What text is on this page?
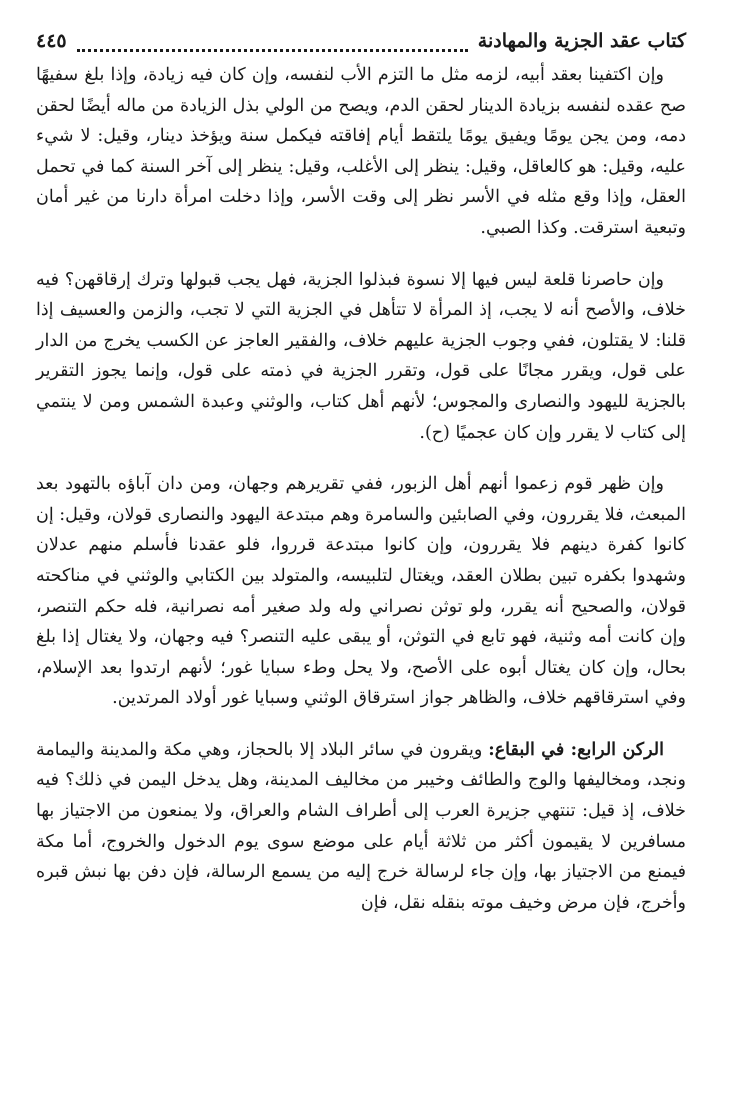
كتاب عقد الجزية والمهادنة
٤٤٥

وإن اكتفينا بعقد أبيه، لزمه مثل ما التزم الأب لنفسه، وإن كان فيه زيادة، وإذا بلغ سفيهًا صح عقده لنفسه بزيادة الدينار لحقن الدم، ويصح من الولي بذل الزيادة من ماله أيضًا لحقن دمه، ومن يجن يومًا ويفيق يومًا يلتقط أيام إفاقته فيكمل سنة ويؤخذ دينار، وقيل: لا شيء عليه، وقيل: هو كالعاقل، وقيل: ينظر إلى الأغلب، وقيل: ينظر إلى آخر السنة كما في تحمل العقل، وإذا وقع مثله في الأسر نظر إلى وقت الأسر، وإذا دخلت امرأة دارنا من غير أمان وتبعية استرقت. وكذا الصبي.

وإن حاصرنا قلعة ليس فيها إلا نسوة فبذلوا الجزية، فهل يجب قبولها وترك إرقاقهن؟ فيه خلاف، والأصح أنه لا يجب، إذ المرأة لا تتأهل في الجزية التي لا تجب، والزمن والعسيف إذا قلنا: لا يقتلون، ففي وجوب الجزية عليهم خلاف، والفقير العاجز عن الكسب يخرج من الدار على قول، ويقرر مجانًا على قول، وتقرر الجزية في ذمته على قول، وإنما يجوز التقرير بالجزية لليهود والنصارى والمجوس؛ لأنهم أهل كتاب، والوثني وعبدة الشمس ومن لا ينتمي إلى كتاب لا يقرر وإن كان عجميًا (ح).

وإن ظهر قوم زعموا أنهم أهل الزبور، ففي تقريرهم وجهان، ومن دان آباؤه بالتهود بعد المبعث، فلا يقررون، وفي الصابئين والسامرة وهم مبتدعة اليهود والنصارى قولان، وقيل: إن كانوا كفرة دينهم فلا يقررون، وإن كانوا مبتدعة قرروا، فلو عقدنا فأسلم منهم عدلان وشهدوا بكفره تبين بطلان العقد، ويغتال لتلبيسه، والمتولد بين الكتابي والوثني في مناكحته قولان، والصحيح أنه يقرر، ولو توثن نصراني وله ولد صغير أمه نصرانية، فله حكم التنصر، وإن كانت أمه وثنية، فهو تابع في التوثن، أو يبقى عليه التنصر؟ فيه وجهان، ولا يغتال إذا بلغ بحال، وإن كان يغتال أبوه على الأصح، ولا يحل وطء سبايا غور؛ لأنهم ارتدوا بعد الإسلام، وفي استرقاقهم خلاف، والظاهر جواز استرقاق الوثني وسبايا غور أولاد المرتدين.

الركن الرابع: في البقاع: ويقرون في سائر البلاد إلا بالحجاز، وهي مكة والمدينة واليمامة ونجد، ومخاليفها والوج والطائف وخيبر من مخاليف المدينة، وهل يدخل اليمن في ذلك؟ فيه خلاف، إذ قيل: تنتهي جزيرة العرب إلى أطراف الشام والعراق، ولا يمنعون من الاجتياز بها مسافرين لا يقيمون أكثر من ثلاثة أيام على موضع سوى يوم الدخول والخروج، أما مكة فيمنع من الاجتياز بها، وإن جاء لرسالة خرج إليه من يسمع الرسالة، فإن دفن بها نبش قبره وأخرج، فإن مرض وخيف موته بنقله نقل، فإن
